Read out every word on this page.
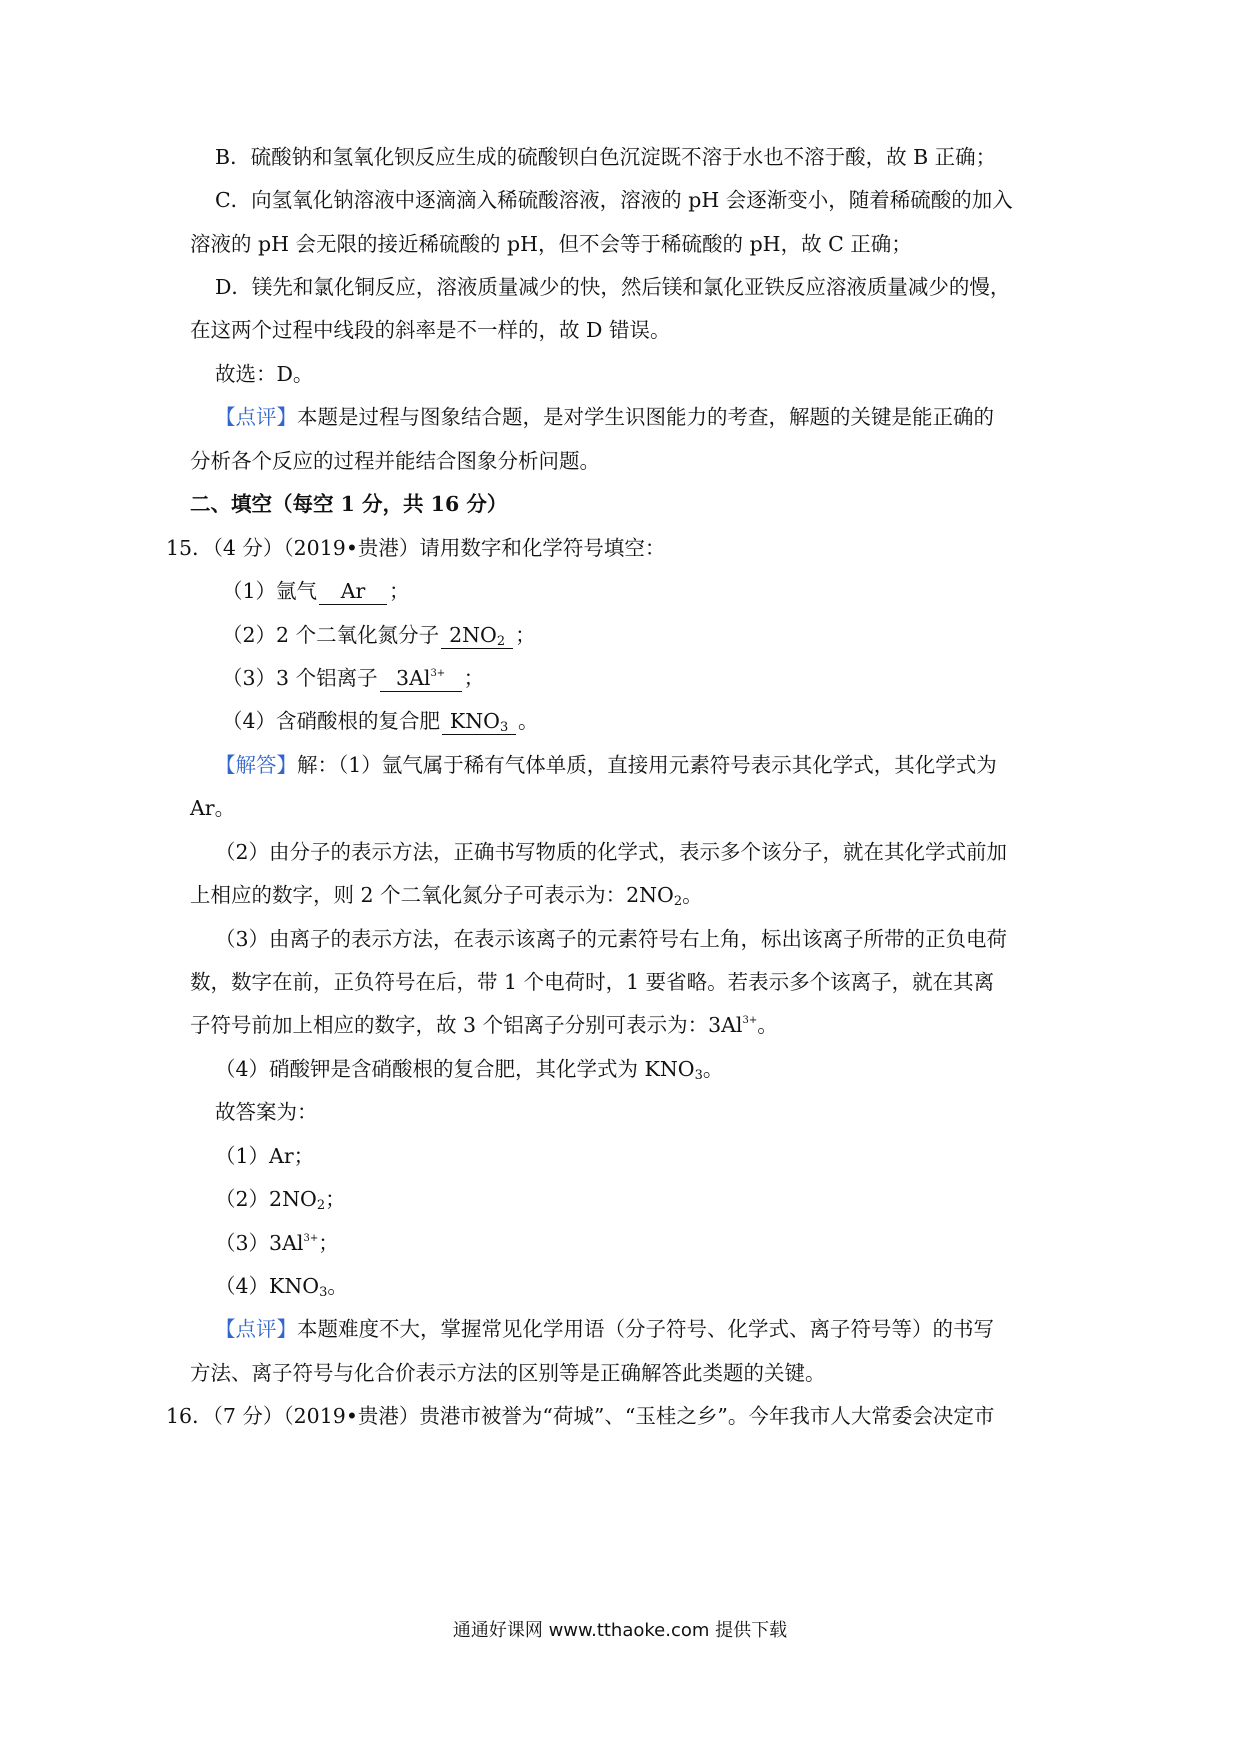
B．硫酸钠和氢氧化钡反应生成的硫酸钡白色沉淀既不溶于水也不溶于酸，故 B 正确；
C．向氢氧化钠溶液中逐滴滴入稀硫酸溶液，溶液的 pH 会逐渐变小，随着稀硫酸的加入
溶液的 pH 会无限的接近稀硫酸的 pH，但不会等于稀硫酸的 pH，故 C 正确；
D．镁先和氯化铜反应，溶液质量减少的快，然后镁和氯化亚铁反应溶液质量减少的慢，
在这两个过程中线段的斜率是不一样的，故 D 错误。
故选：D。
【点评】本题是过程与图象结合题，是对学生识图能力的考查，解题的关键是能正确的
分析各个反应的过程并能结合图象分析问题。
二、填空（每空 1 分，共 16 分）
15．（4 分）（2019•贵港）请用数字和化学符号填空：
（1）氩气 Ar ；
（2）2 个二氧化氮分子 $2NO_2$ ；
（3）3 个铝离子 $3Al^{3+}$ ；
（4）含硝酸根的复合肥 $KNO_3$ 。
【解答】解：（1）氩气属于稀有气体单质，直接用元素符号表示其化学式，其化学式为
Ar。
（2）由分子的表示方法，正确书写物质的化学式，表示多个该分子，就在其化学式前加
上相应的数字，则 2 个二氧化氮分子可表示为：$2NO_2$。
（3）由离子的表示方法，在表示该离子的元素符号右上角，标出该离子所带的正负电荷
数，数字在前，正负符号在后，带 1 个电荷时，1 要省略。若表示多个该离子，就在其离
子符号前加上相应的数字，故 3 个铝离子分别可表示为：$3Al^{3+}$。
（4）硝酸钾是含硝酸根的复合肥，其化学式为 $KNO_3$。
故答案为：
（1）Ar；
$(2)2NO_2$；
$(3)3Al^{3+}$；
$(4)KNO_3$。
【点评】本题难度不大，掌握常见化学用语（分子符号、化学式、离子符号等）的书写
方法、离子符号与化合价表示方法的区别等是正确解答此类题的关键。
16．（7 分）（2019•贵港）贵港市被誉为“荷城”、“玉桂之乡”。今年我市人大常委会决定市
通通好课网 www.tthaoke.com 提供下载
